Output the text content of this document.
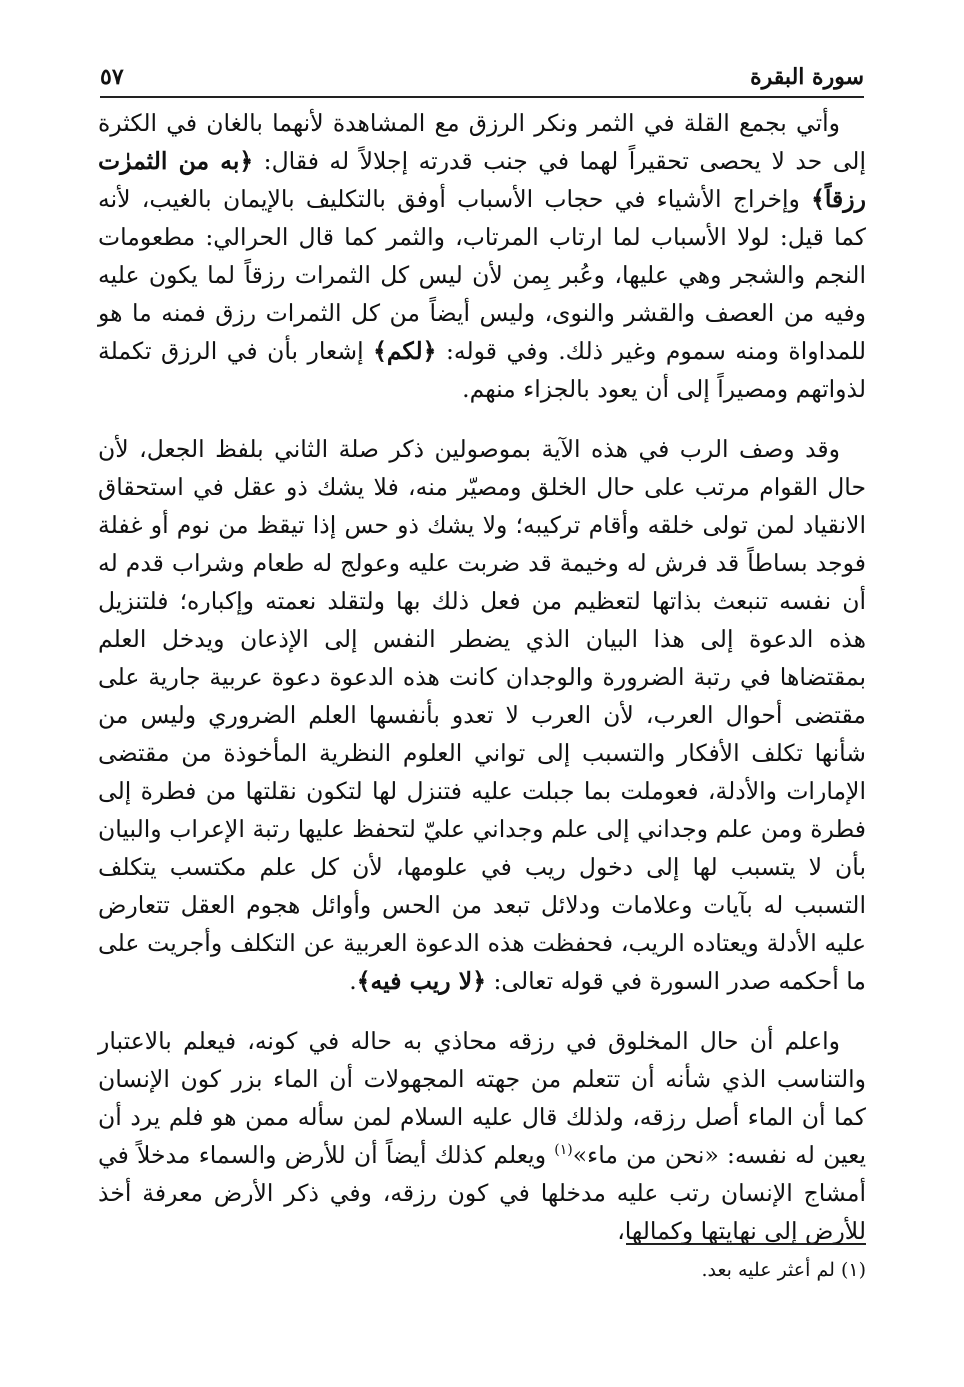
سورة البقرة
٥٧

وأتي بجمع القلة في الثمر ونكر الرزق مع المشاهدة لأنهما بالغان في الكثرة إلى حد لا يحصى تحقيراً لهما في جنب قدرته إجلالاً له فقال: ﴿به من الثمرٰت رزقاً﴾ وإخراج الأشياء في حجاب الأسباب أوفق بالتكليف بالإيمان بالغيب، لأنه كما قيل: لولا الأسباب لما ارتاب المرتاب، والثمر كما قال الحرالي: مطعومات النجم والشجر وهي عليها، وعُبر بِمن لأن ليس كل الثمرات رزقاً لما يكون عليه وفيه من العصف والقشر والنوى، وليس أيضاً من كل الثمرات رزق فمنه ما هو للمداواة ومنه سموم وغير ذلك. وفي قوله: ﴿لكم﴾ إشعار بأن في الرزق تكملة لذواتهم ومصيراً إلى أن يعود بالجزاء منهم.

وقد وصف الرب في هذه الآية بموصولين ذكر صلة الثاني بلفظ الجعل، لأن حال القوام مرتب على حال الخلق ومصيّر منه، فلا يشك ذو عقل في استحقاق الانقياد لمن تولى خلقه وأقام تركيبه؛ ولا يشك ذو حس إذا تيقظ من نوم أو غفلة فوجد بساطاً قد فرش له وخيمة قد ضربت عليه وعولج له طعام وشراب قدم له أن نفسه تنبعث بذاتها لتعظيم من فعل ذلك بها ولتقلد نعمته وإكباره؛ فلتنزيل هذه الدعوة إلى هذا البيان الذي يضطر النفس إلى الإذعان ويدخل العلم بمقتضاها في رتبة الضرورة والوجدان كانت هذه الدعوة دعوة عربية جارية على مقتضى أحوال العرب، لأن العرب لا تعدو بأنفسها العلم الضروري وليس من شأنها تكلف الأفكار والتسبب إلى تواني العلوم النظرية المأخوذة من مقتضى الإمارات والأدلة، فعوملت بما جبلت عليه فتنزل لها لتكون نقلتها من فطرة إلى فطرة ومن علم وجداني إلى علم وجداني عليّ لتحفظ عليها رتبة الإعراب والبيان بأن لا يتسبب لها إلى دخول ريب في علومها، لأن كل علم مكتسب يتكلف التسبب له بآيات وعلامات ودلائل تبعد من الحس وأوائل هجوم العقل تتعارض عليه الأدلة ويعتاده الريب، فحفظت هذه الدعوة العربية عن التكلف وأجريت على ما أحكمه صدر السورة في قوله تعالى: ﴿لا ريب فيه﴾.

واعلم أن حال المخلوق في رزقه محاذي به حاله في كونه، فيعلم بالاعتبار والتناسب الذي شأنه أن تتعلم من جهته المجهولات أن الماء بزر كون الإنسان كما أن الماء أصل رزقه، ولذلك قال عليه السلام لمن سأله ممن هو فلم يرد أن يعين له نفسه: «نحن من ماء»$^{(١)}$ ويعلم كذلك أيضاً أن للأرض والسماء مدخلاً في أمشاج الإنسان رتب عليه مدخلها في كون رزقه، وفي ذكر الأرض معرفة أخذ للأرض إلى نهايتها وكمالها،

(١) لم أعثر عليه بعد.
